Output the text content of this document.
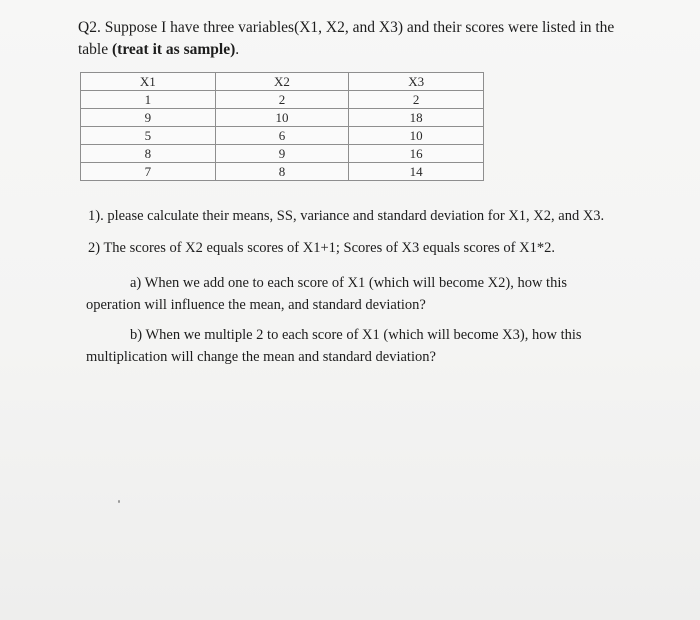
Q2. Suppose I have three variables(X1, X2, and X3) and their scores were listed in the table (treat it as sample).
X1	X2	X3
1	2	2
9	10	18
5	6	10
8	9	16
7	8	14
1). please calculate their means, SS, variance and standard deviation for X1, X2, and X3.
2) The scores of X2 equals scores of X1+1; Scores of X3 equals scores of X1*2.
a) When we add one to each score of X1 (which will become X2), how this operation will influence the mean, and standard deviation?
b) When we multiple 2 to each score of X1 (which will become X3), how this multiplication will change the mean and standard deviation?
